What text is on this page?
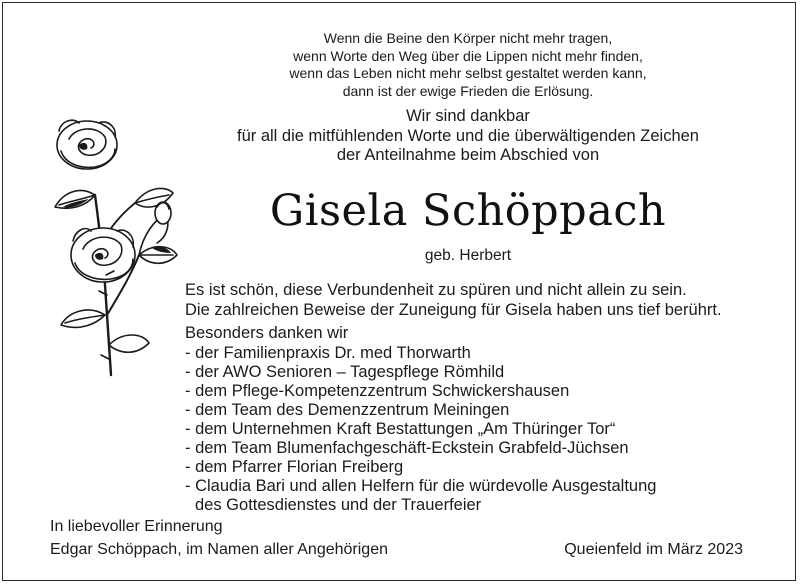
Wenn die Beine den Körper nicht mehr tragen,
wenn Worte den Weg über die Lippen nicht mehr finden,
wenn das Leben nicht mehr selbst gestaltet werden kann,
dann ist der ewige Frieden die Erlösung.
Wir sind dankbar
für all die mitfühlenden Worte und die überwältigenden Zeichen
der Anteilnahme beim Abschied von
Gisela Schöppach
geb. Herbert
Es ist schön, diese Verbundenheit zu spüren und nicht allein zu sein.
Die zahlreichen Beweise der Zuneigung für Gisela haben uns tief berührt.
Besonders danken wir
- der Familienpraxis Dr. med Thorwarth
- der AWO Senioren – Tagespflege Römhild
- dem Pflege-Kompetenzzentrum Schwickershausen
- dem Team des Demenzzentrum Meiningen
- dem Unternehmen Kraft Bestattungen „Am Thüringer Tor“
- dem Team Blumenfachgeschäft-Eckstein Grabfeld-Jüchsen
- dem Pfarrer Florian Freiberg
- Claudia Bari und allen Helfern für die würdevolle Ausgestaltung
des Gottesdienstes und der Trauerfeier
In liebevoller Erinnerung
Edgar Schöppach, im Namen aller Angehörigen	Queienfeld im März 2023
